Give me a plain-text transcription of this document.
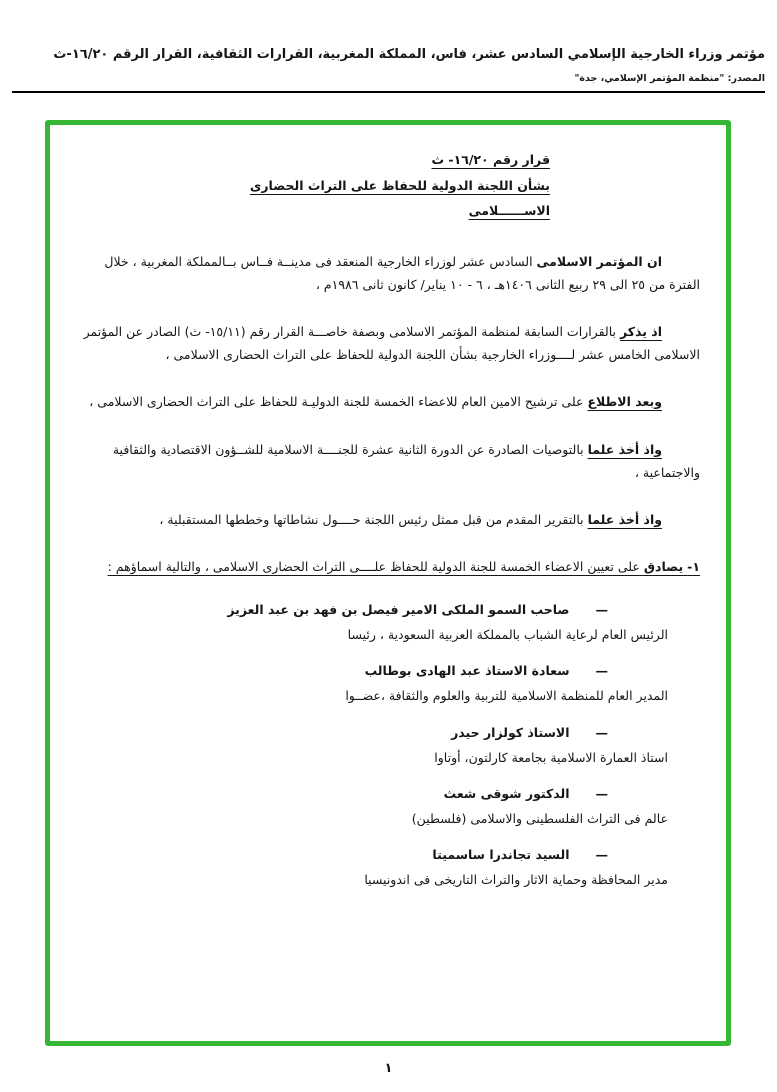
مؤتمر وزراء الخارجية الإسلامي السادس عشر، فاس، المملكة المغربية، القرارات الثقافية، القرار الرقم ١٦/٢٠-ث
المصدر: "منظمة المؤتمر الإسلامي، جدة"
قرار رقم ١٦/٢٠- ث
بشأن اللجنة الدولية للحفاظ على التراث الحضارى
الاســــــلامى

ان المؤتمر الاسلامى السادس عشر لوزراء الخارجية المنعقد فى مدينــة فــاس بــالمملكة المغربية ، خلال الفترة من ٢٥ الى ٢٩ ربيع الثانى ١٤٠٦هـ ، ٦ - ١٠ يناير/ كانون ثانى ١٩٨٦م ،

اذ يذكر بالقرارات السابقة لمنظمة المؤتمر الاسلامى وبصفة خاصـــة القرار رقم (١٥/١١- ث) الصادر عن المؤتمر الاسلامى الخامس عشر لــــوزراء الخارجية بشأن اللجنة الدولية للحفاظ على التراث الحضارى الاسلامى ،

وبعد الاطلاع على ترشيح الامين العام للاعضاء الخمسة للجنة الدوليـة للحفاظ على التراث الحضارى الاسلامى ،

واذ أخذ علما بالتوصيات الصادرة عن الدورة الثانية عشرة للجنــــة الاسلامية للشــؤون الاقتصادية والثقافية والاجتماعية ،

واذ أخذ علما بالتقرير المقدم من قبل ممثل رئيس اللجنة حــــول نشاطاتها وخططها المستقبلية ،

١- يصادق على تعيين الاعضاء الخمسة للجنة الدولية للحفاظ علــــى التراث الحضارى الاسلامى ، والتالية اسماؤهم :

—صاحب السمو الملكى الامير فيصل بن فهد بن عبد العزيز
الرئيس العام لرعاية الشباب بالمملكة العربية السعودية ، رئيسا
—سعادة الاستاذ عبد الهادى بوطالب
المدير العام للمنظمة الاسلامية للتربية والعلوم والثقافة ،عضــوا
—الاستاذ كولزار حيدر
استاذ العمارة الاسلامية بجامعة كارلتون، أوتاوا
—الدكتور شوقى شعث
عالم فى التراث الفلسطينى والاسلامى (فلسطين)
—السيد تجاندرا ساسميتا
مدير المحافظة وحماية الاثار والتراث التاريخى فى اندونيسيا
١
